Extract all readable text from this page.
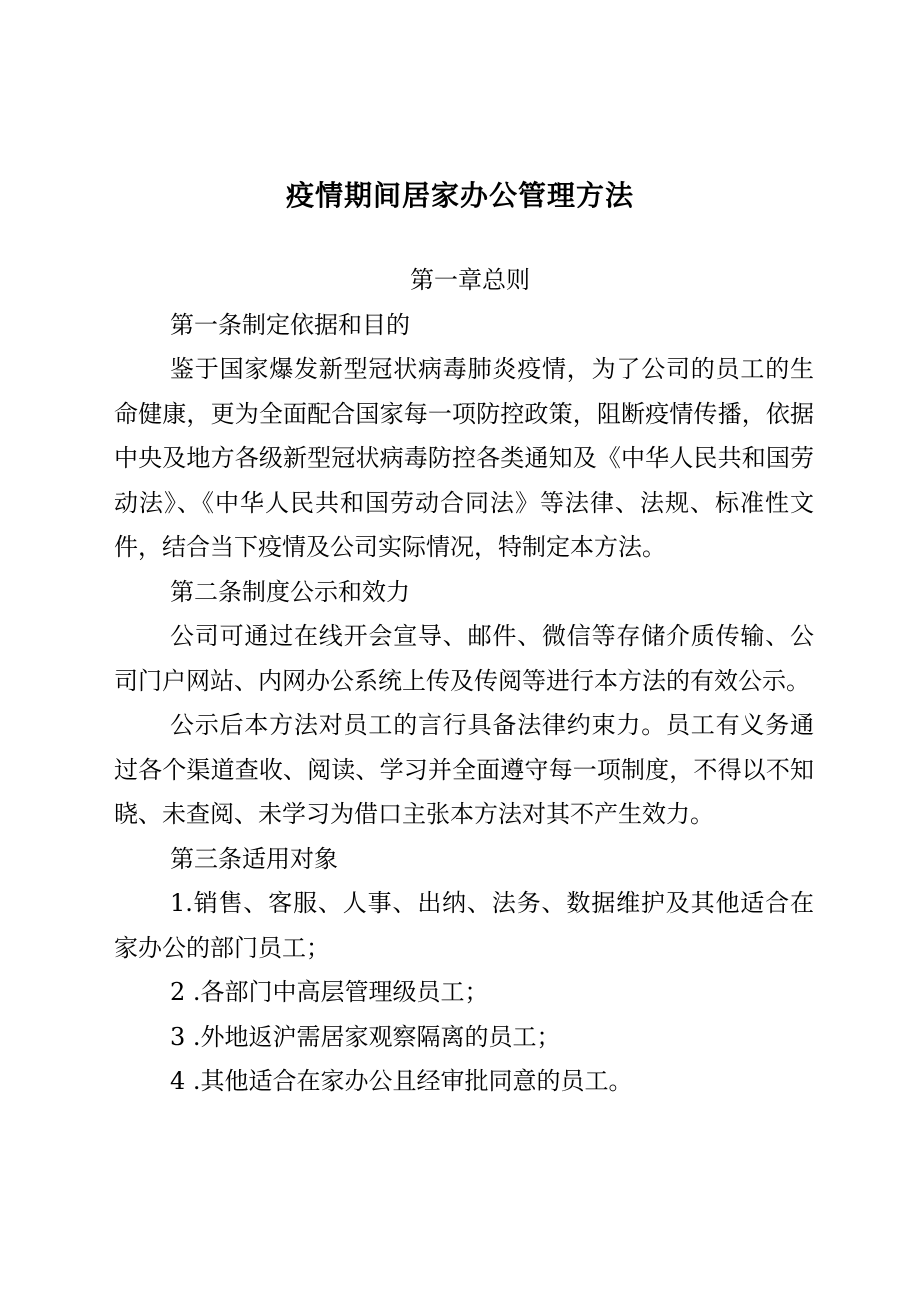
疫情期间居家办公管理方法

第一章总则

第一条制定依据和目的

鉴于国家爆发新型冠状病毒肺炎疫情，为了公司的员工的生命健康，更为全面配合国家每一项防控政策，阻断疫情传播，依据中央及地方各级新型冠状病毒防控各类通知及《中华人民共和国劳动法》、《中华人民共和国劳动合同法》等法律、法规、标准性文件，结合当下疫情及公司实际情况，特制定本方法。

第二条制度公示和效力

公司可通过在线开会宣导、邮件、微信等存储介质传输、公司门户网站、内网办公系统上传及传阅等进行本方法的有效公示。

公示后本方法对员工的言行具备法律约束力。员工有义务通过各个渠道查收、阅读、学习并全面遵守每一项制度，不得以不知晓、未查阅、未学习为借口主张本方法对其不产生效力。

第三条适用对象

1.销售、客服、人事、出纳、法务、数据维护及其他适合在家办公的部门员工；

2 .各部门中高层管理级员工；

3 .外地返沪需居家观察隔离的员工；

4 .其他适合在家办公且经审批同意的员工。
